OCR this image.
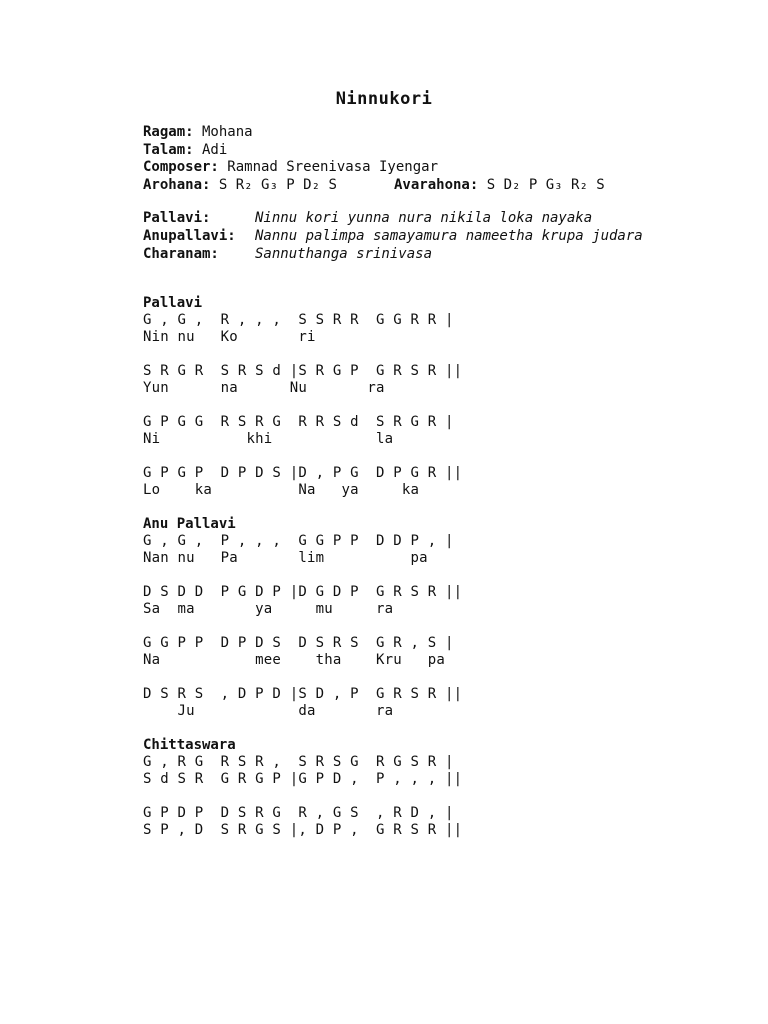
Ninnukori
Ragam: Mohana
Talam: Adi
Composer: Ramnad Sreenivasa Iyengar
Arohana: S R₂ G₃ P D₂ S	Avarahona: S D₂ P G₃ R₂ S
Pallavi:	Ninnu kori yunna nura nikila loka nayaka
Anupallavi: Nannu palimpa samayamura nameetha krupa judara
Charanam:	Sannuthanga srinivasa
Pallavi
G , G ,  R , , ,  S S R R  G G R R |
Nin nu   Ko       ri
S R G R  S R S d |S R G P  G R S R ||
Yun      na      Nu       ra
G P G G  R S R G  R R S d  S R G R |
Ni          khi            la
G P G P  D P D S |D , P G  D P G R ||
Lo    ka          Na   ya     ka
Anu Pallavi
G , G ,  P , , ,  G G P P  D D P , |
Nan nu   Pa       lim          pa
D S D D  P G D P |D G D P  G R S R ||
Sa  ma       ya     mu     ra
G G P P  D P D S  D S R S  G R , S |
Na           mee    tha    Kru   pa
D S R S  , D P D |S D , P  G R S R ||
Ju            da       ra
Chittaswara
G , R G  R S R ,  S R S G  R G S R |
S d S R  G R G P |G P D ,  P , , , ||
G P D P  D S R G  R , G S  , R D , |
S P , D  S R G S |, D P ,  G R S R ||
